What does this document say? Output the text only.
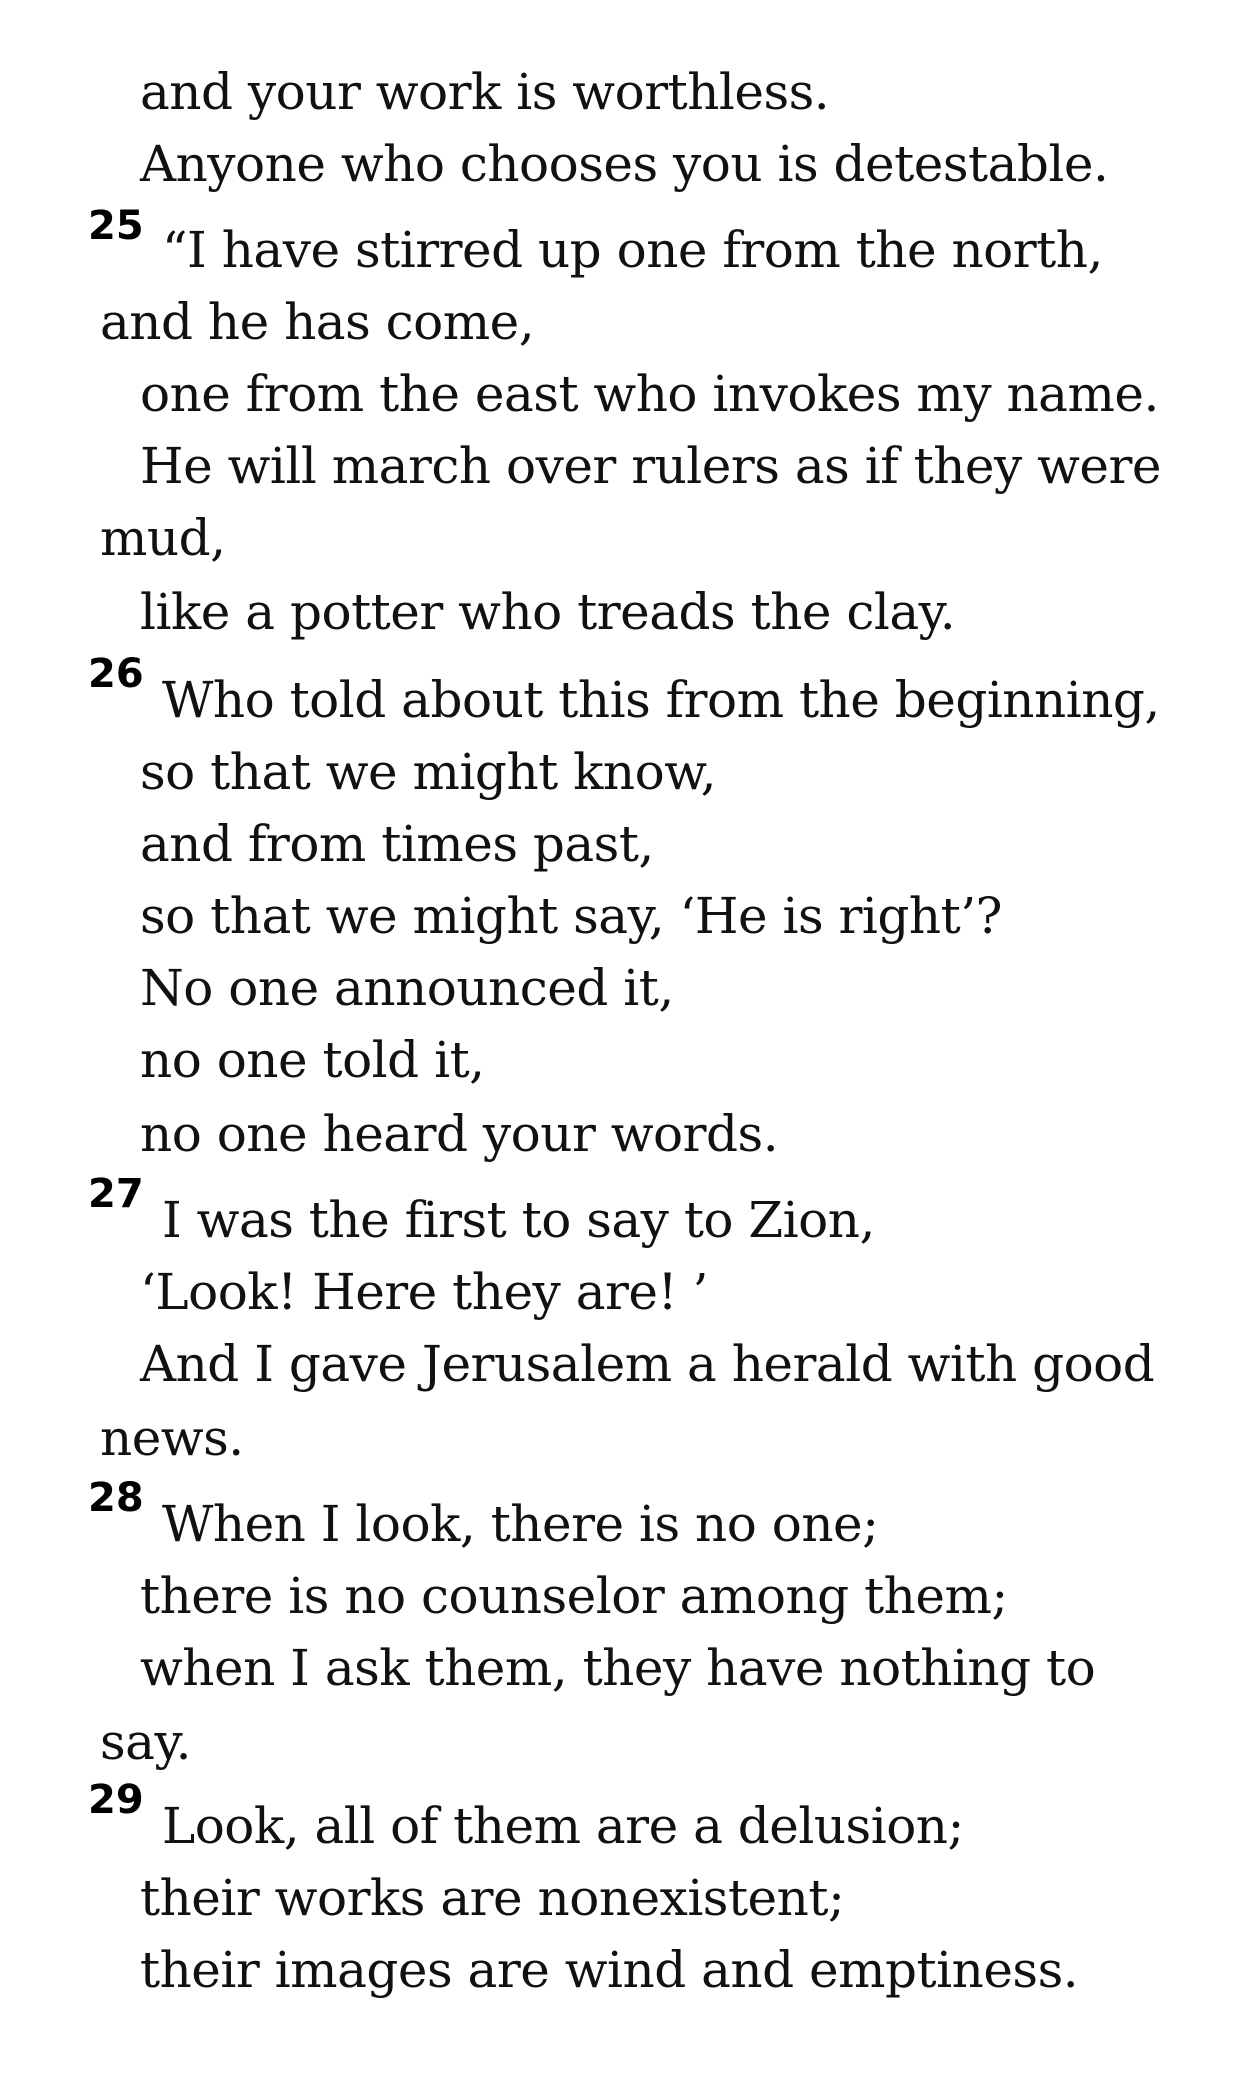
and your work is worthless.
Anyone who chooses you is detestable.
25 “I have stirred up one from the north,
and he has come,
one from the east who invokes my name.
He will march over rulers as if they were
mud,
like a potter who treads the clay.
26 Who told about this from the beginning,
so that we might know,
and from times past,
so that we might say, ‘He is right’?
No one announced it,
no one told it,
no one heard your words.
27 I was the first to say to Zion,
‘Look! Here they are! ’
And I gave Jerusalem a herald with good
news.
28 When I look, there is no one;
there is no counselor among them;
when I ask them, they have nothing to
say.
29 Look, all of them are a delusion;
their works are nonexistent;
their images are wind and emptiness.
